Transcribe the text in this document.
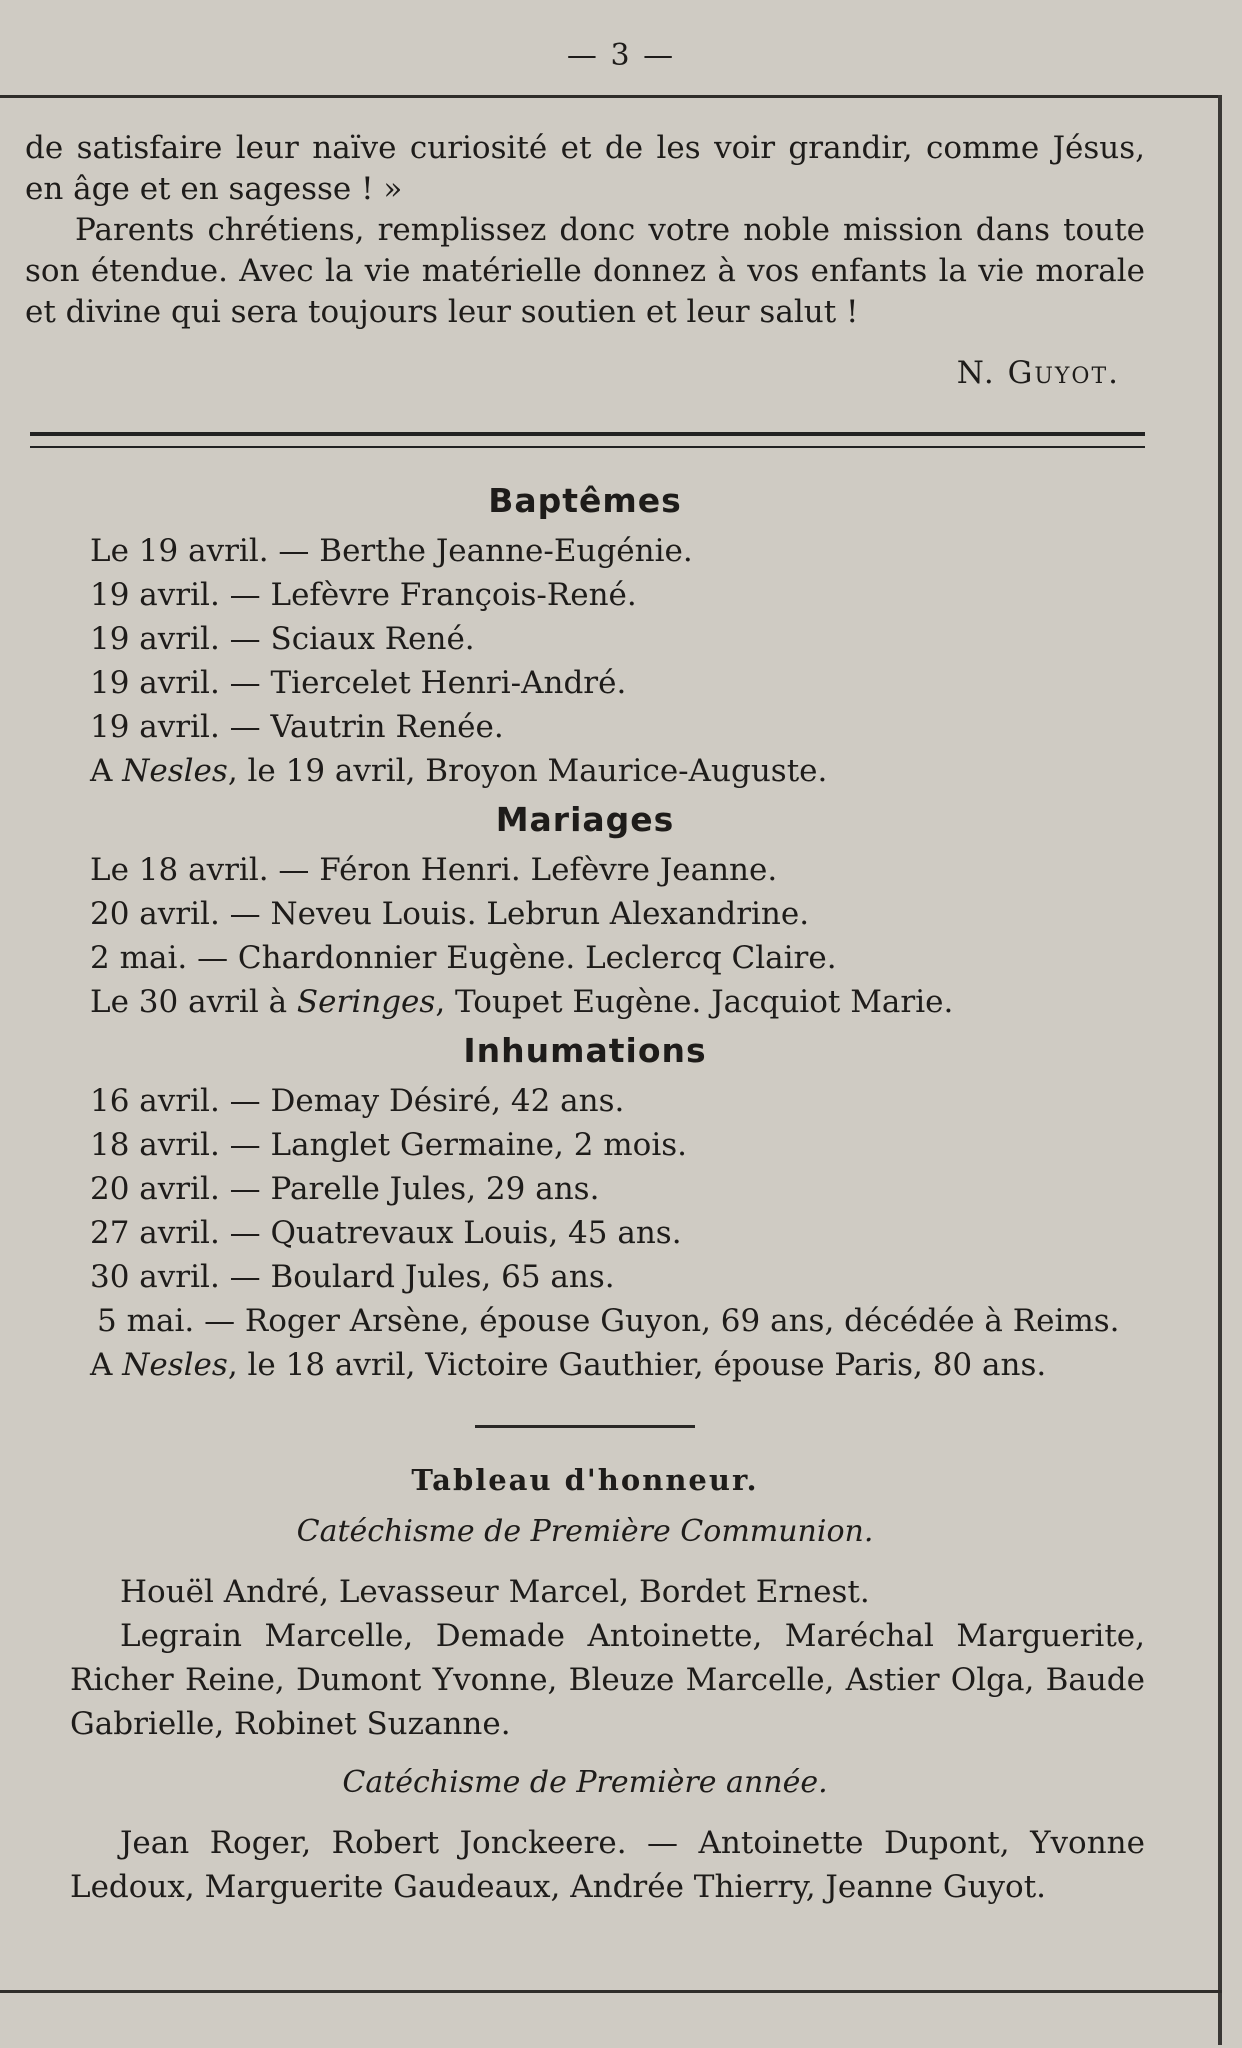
— 3 —

de satisfaire leur naïve curiosité et de les voir grandir, comme Jésus, en âge et en sagesse ! »

Parents chrétiens, remplissez donc votre noble mission dans toute son étendue. Avec la vie matérielle donnez à vos enfants la vie morale et divine qui sera toujours leur soutien et leur salut !

N. Guyot.

Baptêmes
Le 19 avril. — Berthe Jeanne-Eugénie.
19 avril. — Lefèvre François-René.
19 avril. — Sciaux René.
19 avril. — Tiercelet Henri-André.
19 avril. — Vautrin Renée.
A Nesles, le 19 avril, Broyon Maurice-Auguste.
Mariages
Le 18 avril. — Féron Henri. Lefèvre Jeanne.
20 avril. — Neveu Louis. Lebrun Alexandrine.
2 mai. — Chardonnier Eugène. Leclercq Claire.
Le 30 avril à Seringes, Toupet Eugène. Jacquiot Marie.
Inhumations
16 avril. — Demay Désiré, 42 ans.
18 avril. — Langlet Germaine, 2 mois.
20 avril. — Parelle Jules, 29 ans.
27 avril. — Quatrevaux Louis, 45 ans.
30 avril. — Boulard Jules, 65 ans.
5 mai. — Roger Arsène, épouse Guyon, 69 ans, décédée à Reims.
A Nesles, le 18 avril, Victoire Gauthier, épouse Paris, 80 ans.
Tableau d'honneur.
Catéchisme de Première Communion.

Houël André, Levasseur Marcel, Bordet Ernest.

Legrain Marcelle, Demade Antoinette, Maréchal Marguerite, Richer Reine, Dumont Yvonne, Bleuze Marcelle, Astier Olga, Baude Gabrielle, Robinet Suzanne.

Catéchisme de Première année.

Jean Roger, Robert Jonckeere. — Antoinette Dupont, Yvonne Ledoux, Marguerite Gaudeaux, Andrée Thierry, Jeanne Guyot.
